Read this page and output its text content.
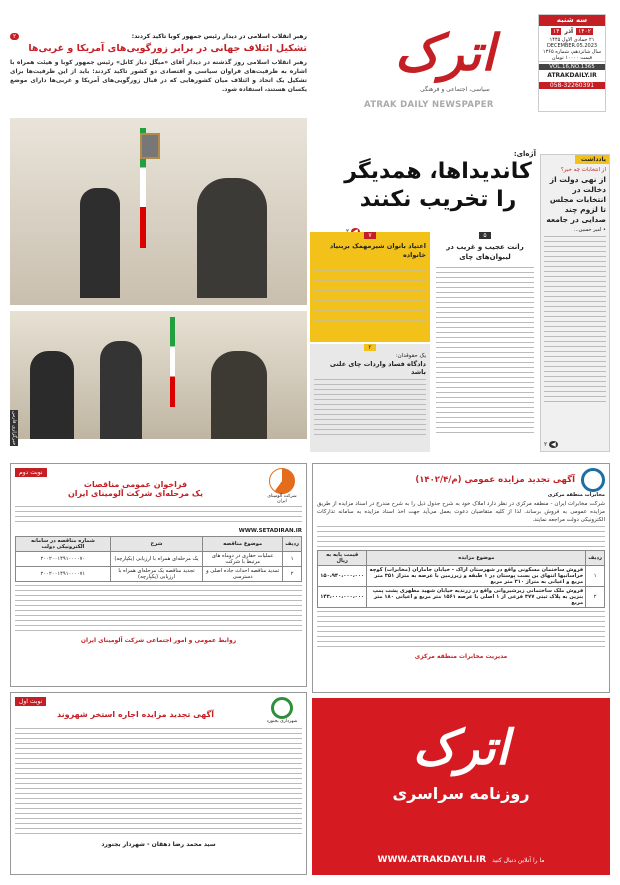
سه شنبه
۱۴۰۲
آذر
۱۴
۲۱ جمادی الاول ۱۴۴۵
DECEMBER.05.2023
سال شانزدهم، شماره ۱۳۶۵
قیمت ۱۰۰۰۰ تومان
VOL.16,NO.1365
ATRAKDAILY.IR
058-32260391
اترک
سیاسی، اجتماعی و فرهنگی
ATRAK DAILY NEWSPAPER
یادداشت
از انتخابات چه خبر؟
از نهی دولت از دخالت در انتخابات مجلس تا لزوم چند صدایی در جامعه
• امیر حسین...
◀ ۲
آژه‌ای:
کاندیداها، همدیگر
را تخریب نکنند
۷
اعتیاد بانوان شیرمهمک بربنیاد خانواده
۲
یک حقوقدان:
دادگاه فساد واردات چای علنی باشد
۵
رانت عجیب و غریب در لیبوان‌های چای
رهبر انقلاب اسلامی در دیدار رئیس جمهور کوبا تاکید کردند:
۲
تشکیل ائتلاف جهانی در برابر زورگویی‌های آمریکا و غربی‌ها
رهبر انقلاب اسلامی روز گذشته در دیدار آقای «میگل دیاز کانل» رئیس جمهور کوبا و هیئت همراه با اشاره به ظرفیت‌های فراوان سیاسی و اقتصادی دو کشور تاکید کردند: باید از این ظرفیت‌ها برای تشکیل یک اتحاد و ائتلاف میان کشورهایی که در قبال زورگویی‌های آمریکا و غربی‌ها دارای موضع یکسان هستند، استفاده شود.
خبرگزاری فارس
آگهی تجدید مزایده عمومی (م/۱۴۰۲/۴)
مخابرات منطقه مرکزی
شرکت مخابرات ایران - منطقه مرکزی در نظر دارد املاک خود به شرح جدول ذیل را به شرح مندرج در اسناد مزایده از طریق مزایده عمومی به فروش برساند. لذا از کلیه متقاضیان دعوت بعمل می‌آید جهت اخذ اسناد مزایده به سامانه تدارکات الکترونیکی دولت مراجعه نمایند.
ردیف	موضوع مزایده	قیمت پایه به ریال
۱	فروش ساختمان مسکونی واقع در شهرستان اراک - خیابان جاماران (مخابرات) کوچه خراسانیها انتهای بن بست پوستان در ۱ طبقه و زیرزمین با عرصه به متراژ ۳۵۱ متر مربع و اعیانی به متراژ ۳۱۰ متر مربع	۱۵۰،۹۴۰،۰۰۰،۰۰۰
۲	فروش ملک ساختمانی زیرشیروانی واقع در زرندیه خیابان شهید مطهری پشت پمپ بنزین به پلاک ثبتی ۳۷۷ فرعی از ۱ اصلی با عرصه ۱۵۶۱ متر مربع و اعیانی ۱۸۰ متر مربع	۱۴۳،۰۰۰،۰۰۰،۰۰۰
مدیریت مخابرات منطقه مرکزی
نوبت دوم
شرکت آلومینای ایران
فراخوان عمومی مناقصات
یک مرحله‌ای شرکت آلومینای ایران
WWW.SETADIRAN.IR
ردیف	موضوع مناقصه	شرح	شماره مناقصه در سامانه الکترونیکی دولت
۱	عملیات حفاری در دوماه های مرتبط با شرکت	یک مرحله‌ای همراه با ارزیابی (یکپارچه)	۲۰۰۲۰۰۱۴۹۱۰۰۰۰۷۰
۲	تمدید مناقصه احداث جاده اصلی و دسترسی	تجدید مناقصه یک مرحله‌ای همراه با ارزیابی (یکپارچه)	۲۰۰۲۰۰۱۴۹۱۰۰۰۰۷۱
روابط عمومی و امور اجتماعی شرکت آلومینای ایران
نوبت اول
شهرداری بجنورد
آگهی تجدید مزایده اجاره استخر شهروند
سید محمد رضا دهقان - شهردار بجنورد
اترک
روزنامه سراسری
ما را آنلاین دنبال کنید
WWW.ATRAKDAYLI.IR
